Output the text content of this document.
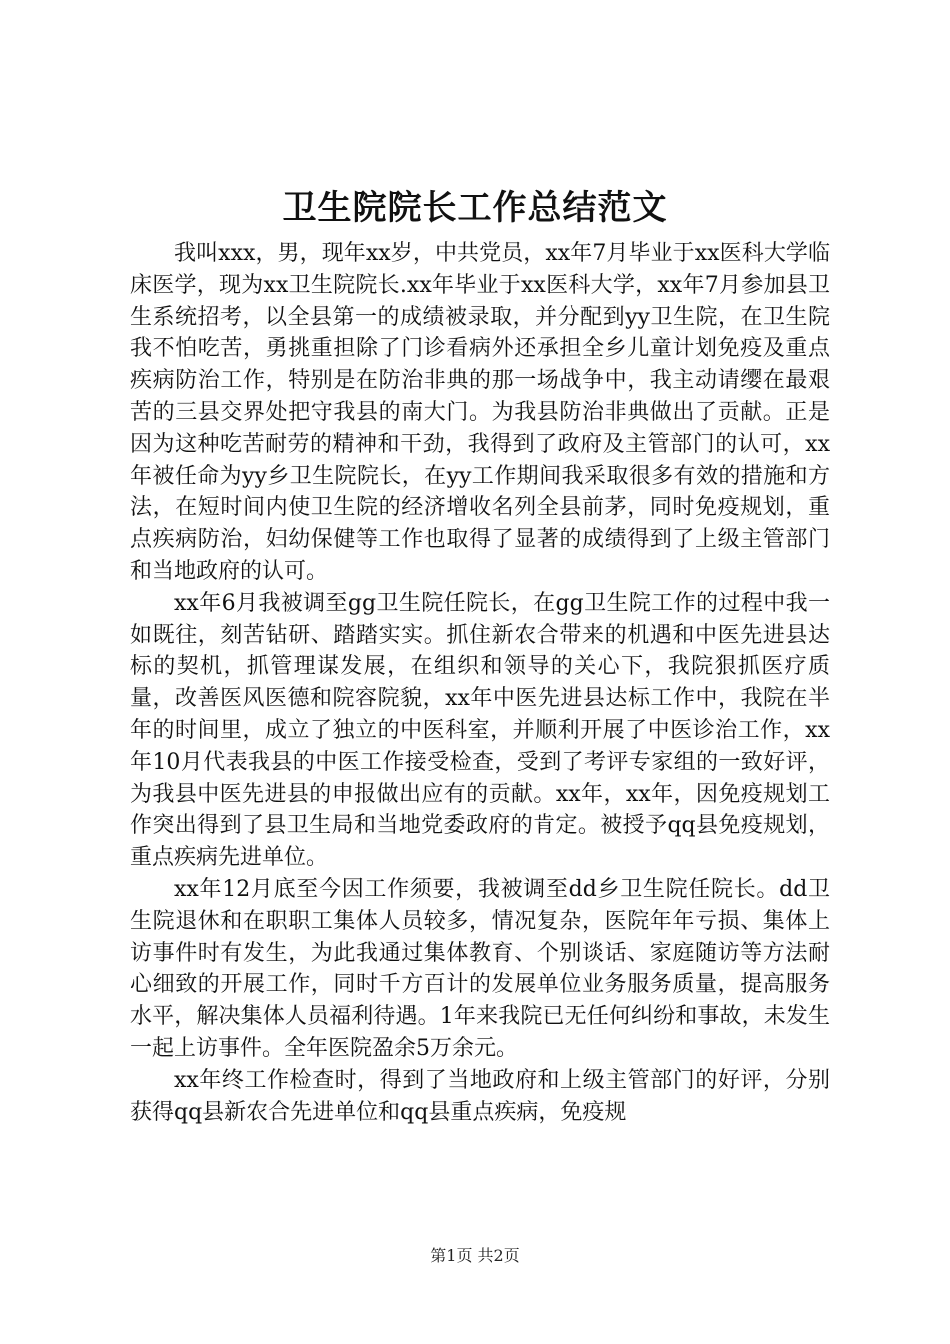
卫生院院长工作总结范文

我叫xxx，男，现年xx岁，中共党员，xx年7月毕业于xx医科大学临床医学，现为xx卫生院院长.xx年毕业于xx医科大学，xx年7月参加县卫生系统招考，以全县第一的成绩被录取，并分配到yy卫生院，在卫生院我不怕吃苦，勇挑重担除了门诊看病外还承担全乡儿童计划免疫及重点疾病防治工作，特别是在防治非典的那一场战争中，我主动请缨在最艰苦的三县交界处把守我县的南大门。为我县防治非典做出了贡献。正是因为这种吃苦耐劳的精神和干劲，我得到了政府及主管部门的认可，xx年被任命为yy乡卫生院院长，在yy工作期间我采取很多有效的措施和方法，在短时间内使卫生院的经济增收名列全县前茅，同时免疫规划，重点疾病防治，妇幼保健等工作也取得了显著的成绩得到了上级主管部门和当地政府的认可。

xx年6月我被调至gg卫生院任院长，在gg卫生院工作的过程中我一如既往，刻苦钻研、踏踏实实。抓住新农合带来的机遇和中医先进县达标的契机，抓管理谋发展，在组织和领导的关心下，我院狠抓医疗质量，改善医风医德和院容院貌，xx年中医先进县达标工作中，我院在半年的时间里，成立了独立的中医科室，并顺利开展了中医诊治工作，xx年10月代表我县的中医工作接受检查，受到了考评专家组的一致好评，为我县中医先进县的申报做出应有的贡献。xx年，xx年，因免疫规划工作突出得到了县卫生局和当地党委政府的肯定。被授予qq县免疫规划，重点疾病先进单位。

xx年12月底至今因工作须要，我被调至dd乡卫生院任院长。dd卫生院退休和在职职工集体人员较多，情况复杂，医院年年亏损、集体上访事件时有发生，为此我通过集体教育、个别谈话、家庭随访等方法耐心细致的开展工作，同时千方百计的发展单位业务服务质量，提高服务水平，解决集体人员福利待遇。1年来我院已无任何纠纷和事故，未发生一起上访事件。全年医院盈余5万余元。

xx年终工作检查时，得到了当地政府和上级主管部门的好评，分别获得qq县新农合先进单位和qq县重点疾病，免疫规

第1页 共2页
